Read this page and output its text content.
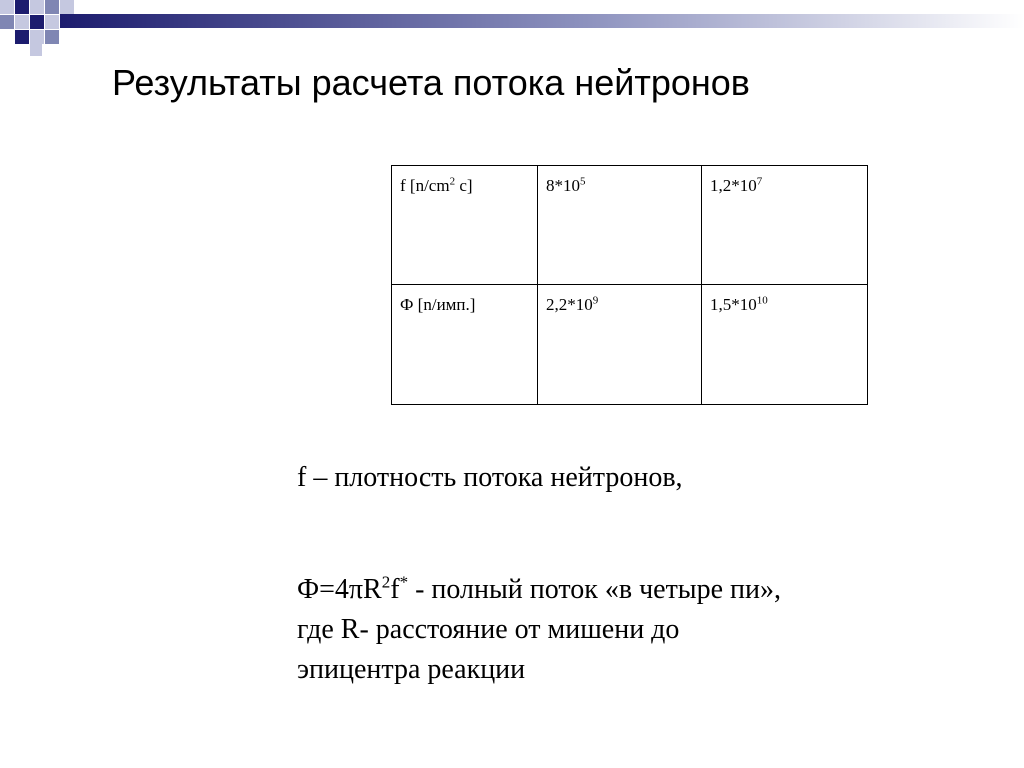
Результаты расчета потока нейтронов
f [$n/cm^2$ c]	$8*10^5$	$1,2*10^7$
Ф [n/имп.]	$2,2*10^9$	$1,5*10^{10}$
f – плотность потока нейтронов,
$Ф=4\pi R^2f^*$ - полный поток «в четыре пи»,
где R- расстояние от мишени до
эпицентра реакции
